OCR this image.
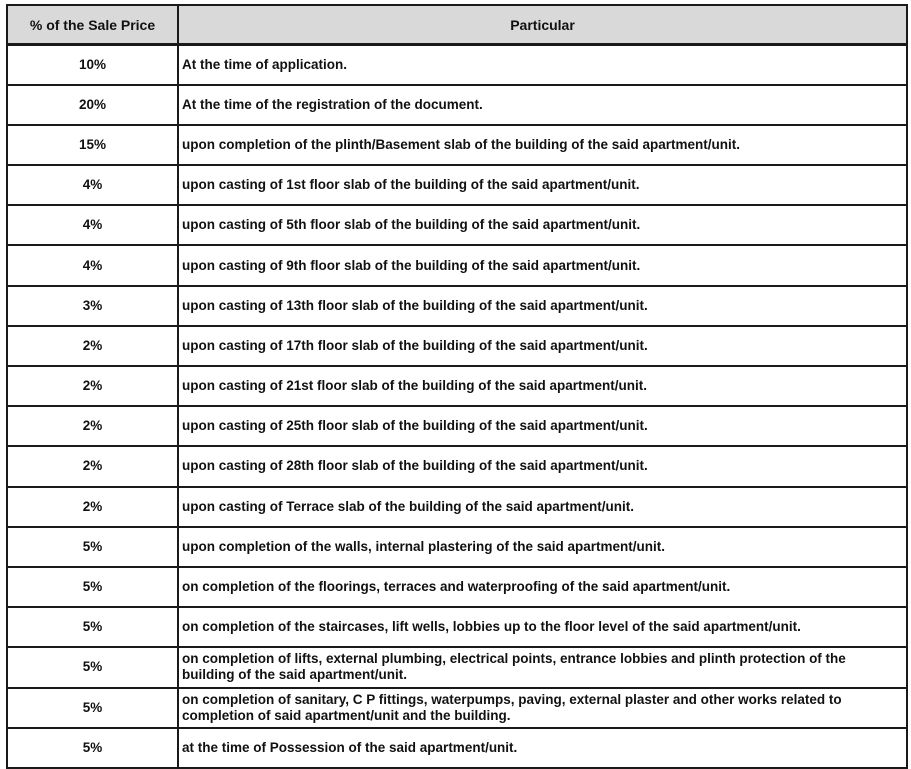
% of the Sale Price	Particular
10%	At the time of application.
20%	At the time of the registration of the document.
15%	upon completion of the plinth/Basement slab of the building of the said apartment/unit.
4%	upon casting of 1st floor slab of the building of the said apartment/unit.
4%	upon casting of 5th floor slab of the building of the said apartment/unit.
4%	upon casting of 9th floor slab of the building of the said apartment/unit.
3%	upon casting of 13th floor slab of the building of the said apartment/unit.
2%	upon casting of 17th floor slab of the building of the said apartment/unit.
2%	upon casting of 21st floor slab of the building of the said apartment/unit.
2%	upon casting of 25th floor slab of the building of the said apartment/unit.
2%	upon casting of 28th floor slab of the building of the said apartment/unit.
2%	upon casting of Terrace slab of the building of the said apartment/unit.
5%	upon completion of the walls, internal plastering of the said apartment/unit.
5%	on completion of the floorings, terraces and waterproofing of the said apartment/unit.
5%	on completion of the staircases, lift wells, lobbies up to the floor level of the said apartment/unit.
5%	on completion of lifts, external plumbing, electrical points, entrance lobbies and plinth protection of the building of the said apartment/unit.
5%	on completion of sanitary, C P fittings, waterpumps, paving, external plaster and other works related to completion of said apartment/unit and the building.
5%	at the time of Possession of the said apartment/unit.
